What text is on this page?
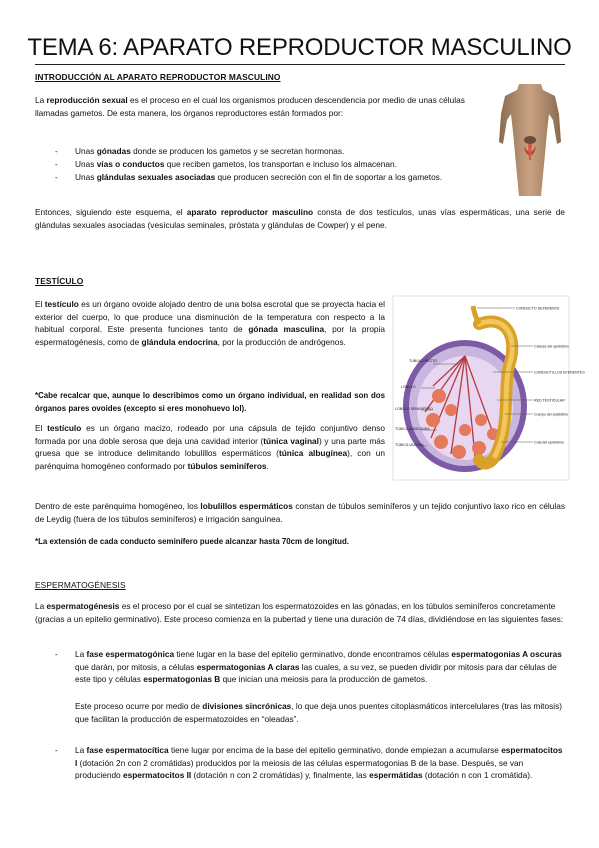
TEMA 6: APARATO REPRODUCTOR MASCULINO
INTRODUCCIÓN AL APARATO REPRODUCTOR MASCULINO

La reproducción sexual es el proceso en el cual los organismos producen descendencia por medio de unas células llamadas gametos. De esta manera, los órganos reproductores están formados por:

- Unas gónadas donde se producen los gametos y se secretan hormonas.
- Unas vías o conductos que reciben gametos, los transportan e incluso los almacenan.
- Unas glándulas sexuales asociadas que producen secreción con el fin de soportar a los gametos.

Entonces, siguiendo este esquema, el aparato reproductor masculino consta de dos testículos, unas vías espermáticas, una serie de glándulas sexuales asociadas (vesículas seminales, próstata y glándulas de Cowper) y el pene.

TESTÍCULO

El testículo es un órgano ovoide alojado dentro de una bolsa escrotal que se proyecta hacia el exterior del cuerpo, lo que produce una disminución de la temperatura con respecto a la habitual corporal. Este presenta funciones tanto de gónada masculina, por la propia espermatogénesis, como de glándula endocrina, por la producción de andrógenos.

*Cabe recalcar que, aunque lo describimos como un órgano individual, en realidad son dos órganos pares ovoides (excepto si eres monohuevo lol).

El testículo es un órgano macizo, rodeado por una cápsula de tejido conjuntivo denso formada por una doble serosa que deja una cavidad interior (túnica vaginal) y una parte más gruesa que se introduce delimitando lobulillos espermáticos (túnica albugínea), con un parénquima homogéneo conformado por túbulos seminíferos.

CONDUCTO DEFERENTE
Cabeza del epidídimo
TÚBULO RECTO
CONDUCTILLOS EFERENTES
LÓBULO
RED TESTICULAR
Cuerpo del epidídimo
LÓBULO SEMINÍFERO
TÚNICA ALBUGÍNEA
Cola del epidídimo
TÚNICA VAGINAL

Dentro de este parénquima homogéneo, los lobulillos espermáticos constan de túbulos seminíferos y un tejido conjuntivo laxo rico en células de Leydig (fuera de los túbulos seminíferos) e irrigación sanguínea.

*La extensión de cada conducto seminífero puede alcanzar hasta 70cm de longitud.

ESPERMATOGÉNESIS

La espermatogénesis es el proceso por el cual se sintetizan los espermatozoides en las gónadas, en los túbulos seminíferos concretamente (gracias a un epitelio germinativo). Este proceso comienza en la pubertad y tiene una duración de 74 días, dividiéndose en las siguientes fases:

- La fase espermatogónica tiene lugar en la base del epitelio germinativo, donde encontramos células espermatogonias A oscuras que darán, por mitosis, a células espermatogonias A claras las cuales, a su vez, se pueden dividir por mitosis para dar células de este tipo y células espermatogonias B que inician una meiosis para la producción de gametos.

Este proceso ocurre por medio de divisiones sincrónicas, lo que deja unos puentes citoplasmáticos intercelulares (tras las mitosis) que facilitan la producción de espermatozoides en “oleadas”.

- La fase espermatocítica tiene lugar por encima de la base del epitelio germinativo, donde empiezan a acumularse espermatocitos I (dotación 2n con 2 cromátidas) producidos por la meiosis de las células espermatogonias B de la base. Después, se van produciendo espermatocitos II (dotación n con 2 cromátidas) y, finalmente, las espermátidas (dotación n con 1 cromátida).
